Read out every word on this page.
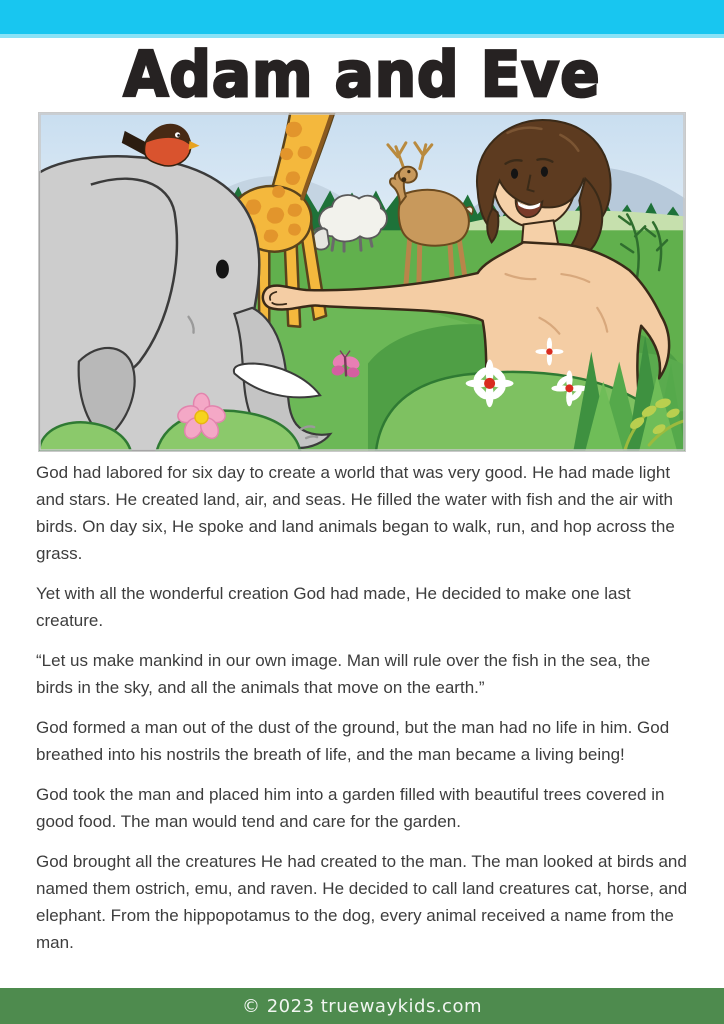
Adam and Eve

God had labored for six day to create a world that was very good. He had made light and stars. He created land, air, and seas. He filled the water with fish and the air with birds. On day six, He spoke and land animals began to walk, run, and hop across the grass.

Yet with all the wonderful creation God had made, He decided to make one last creature.

“Let us make mankind in our own image. Man will rule over the fish in the sea, the birds in the sky, and all the animals that move on the earth.”

God formed a man out of the dust of the ground, but the man had no life in him. God breathed into his nostrils the breath of life, and the man became a living being!

God took the man and placed him into a garden filled with beautiful trees covered in good food. The man would tend and care for the garden.

God brought all the creatures He had created to the man. The man looked at birds and named them ostrich, emu, and raven. He decided to call land creatures cat, horse, and elephant. From the hippopotamus to the dog, every animal received a name from the man.

© 2023 truewaykids.com
